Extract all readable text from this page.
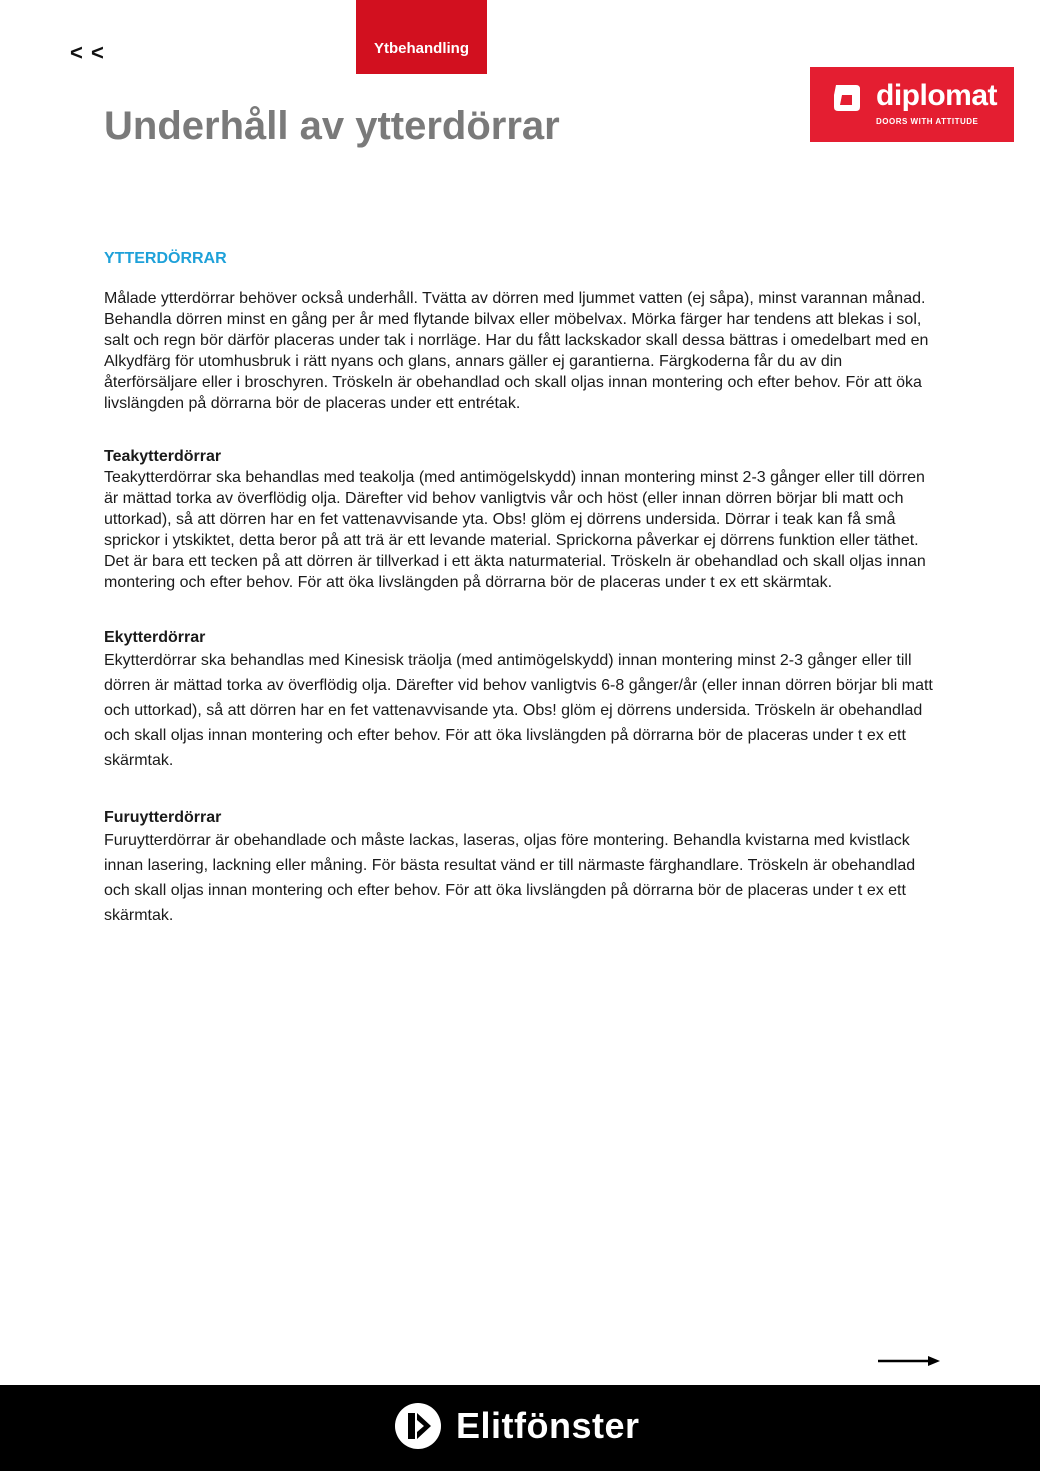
< <	Ytbehandling
Underhåll av ytterdörrar
diplomat
DOORS WITH ATTITUDE
YTTERDÖRRAR

Målade ytterdörrar behöver också underhåll. Tvätta av dörren med ljummet vatten (ej såpa), minst varannan månad. Behandla dörren minst en gång per år med flytande bilvax eller möbelvax. Mörka färger har tendens att blekas i sol, salt och regn bör därför placeras under tak i norrläge. Har du fått lackskador skall dessa bättras i omedelbart med en Alkydfärg för utomhusbruk i rätt nyans och glans, annars gäller ej garantierna. Färgkoderna får du av din återförsäljare eller i broschyren. Tröskeln är obehandlad och skall oljas innan montering och efter behov. För att öka livslängden på dörrarna bör de placeras under ett entrétak.

Teakytterdörrar

Teakytterdörrar ska behandlas med teakolja (med antimögelskydd) innan montering minst 2-3 gånger eller till dörren är mättad torka av överflödig olja. Därefter vid behov vanligtvis vår och höst (eller innan dörren börjar bli matt och uttorkad), så att dörren har en fet vattenavvisande yta. Obs! glöm ej dörrens undersida. Dörrar i teak kan få små sprickor i ytskiktet, detta beror på att trä är ett levande material. Sprickorna påverkar ej dörrens funktion eller täthet. Det är bara ett tecken på att dörren är tillverkad i ett äkta naturmaterial. Tröskeln är obehandlad och skall oljas innan montering och efter behov. För att öka livslängden på dörrarna bör de placeras under t ex ett skärmtak.

Ekytterdörrar

Ekytterdörrar ska behandlas med Kinesisk träolja (med antimögelskydd) innan montering minst 2-3 gånger eller till dörren är mättad torka av överflödig olja. Därefter vid behov vanligtvis 6-8 gånger/år (eller innan dörren börjar bli matt och uttorkad), så att dörren har en fet vattenavvisande yta. Obs! glöm ej dörrens undersida. Tröskeln är obehandlad och skall oljas innan montering och efter behov. För att öka livslängden på dörrarna bör de placeras under t ex ett skärmtak.

Furuytterdörrar

Furuytterdörrar är obehandlade och måste lackas, laseras, oljas före montering. Behandla kvistarna med kvistlack innan lasering, lackning eller måning. För bästa resultat vänd er till närmaste färghandlare. Tröskeln är obehandlad och skall oljas innan montering och efter behov. För att öka livslängden på dörrarna bör de placeras under t ex ett skärmtak.

Elitfönster
